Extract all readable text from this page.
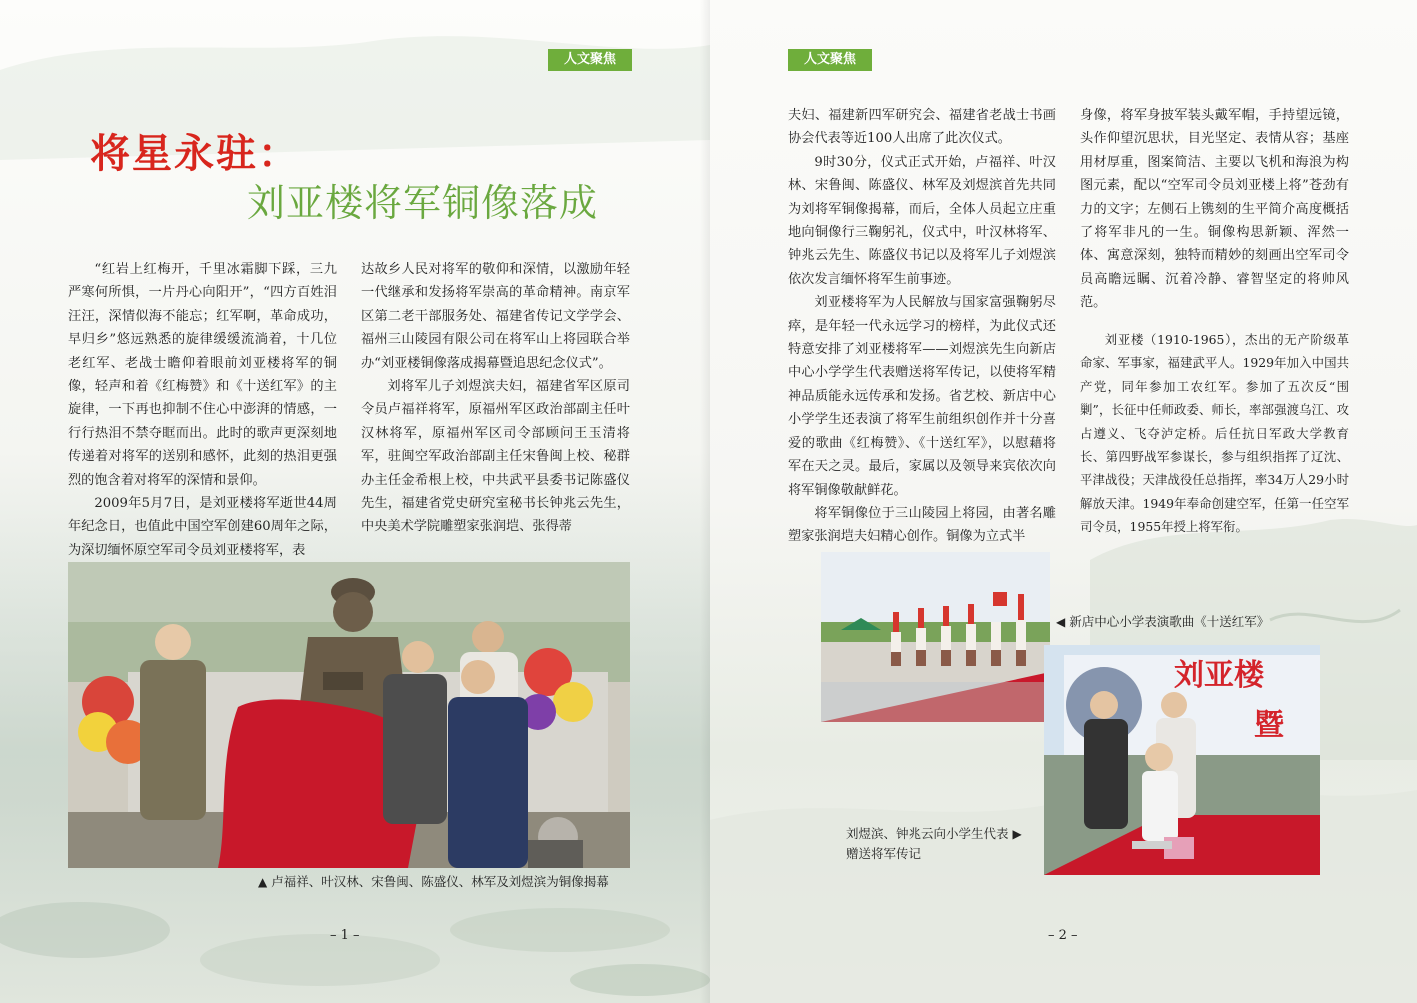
人文聚焦
将星永驻：
刘亚楼将军铜像落成

“红岩上红梅开，千里冰霜脚下踩，三九严寒何所惧，一片丹心向阳开”，“四方百姓泪汪汪，深情似海不能忘；红军啊，革命成功，早归乡”悠远熟悉的旋律缓缓流淌着，十几位老红军、老战士瞻仰着眼前刘亚楼将军的铜像，轻声和着《红梅赞》和《十送红军》的主旋律，一下再也抑制不住心中澎湃的情感，一行行热泪不禁夺眶而出。此时的歌声更深刻地传递着对将军的送别和感怀，此刻的热泪更强烈的饱含着对将军的深情和景仰。

2009年5月7日，是刘亚楼将军逝世44周年纪念日，也值此中国空军创建60周年之际，为深切缅怀原空军司令员刘亚楼将军，表

达故乡人民对将军的敬仰和深情，以激励年轻一代继承和发扬将军崇高的革命精神。南京军区第二老干部服务处、福建省传记文学学会、福州三山陵园有限公司在将军山上将园联合举办“刘亚楼铜像落成揭幕暨追思纪念仪式”。

刘将军儿子刘煜滨夫妇，福建省军区原司令员卢福祥将军，原福州军区政治部副主任叶汉林将军，原福州军区司令部顾问王玉清将军，驻闽空军政治部副主任宋鲁闽上校、秘群办主任金希根上校，中共武平县委书记陈盛仪先生，福建省党史研究室秘书长钟兆云先生，中央美术学院雕塑家张润垲、张得蒂

▲ 卢福祥、叶汉林、宋鲁闽、陈盛仪、林军及刘煜滨为铜像揭幕
– 1 –
人文聚焦

夫妇、福建新四军研究会、福建省老战士书画协会代表等近100人出席了此次仪式。

9时30分，仪式正式开始，卢福祥、叶汉林、宋鲁闽、陈盛仪、林军及刘煜滨首先共同为刘将军铜像揭幕，而后，全体人员起立庄重地向铜像行三鞠躬礼，仪式中，叶汉林将军、钟兆云先生、陈盛仪书记以及将军儿子刘煜滨依次发言缅怀将军生前事迹。

刘亚楼将军为人民解放与国家富强鞠躬尽瘁，是年轻一代永远学习的榜样，为此仪式还特意安排了刘亚楼将军——刘煜滨先生向新店中心小学学生代表赠送将军传记，以使将军精神品质能永远传承和发扬。省艺校、新店中心小学学生还表演了将军生前组织创作并十分喜爱的歌曲《红梅赞》、《十送红军》，以慰藉将军在天之灵。最后，家属以及领导来宾依次向将军铜像敬献鲜花。

将军铜像位于三山陵园上将园，由著名雕塑家张润垲夫妇精心创作。铜像为立式半

身像，将军身披军装头戴军帽，手持望远镜，头作仰望沉思状，目光坚定、表情从容；基座用材厚重，图案简洁、主要以飞机和海浪为构图元素，配以“空军司令员刘亚楼上将”苍劲有力的文字；左侧石上镌刻的生平简介高度概括了将军非凡的一生。铜像构思新颖、浑然一体、寓意深刻，独特而精妙的刻画出空军司令员高瞻远瞩、沉着冷静、睿智坚定的将帅风范。

刘亚楼（1910-1965），杰出的无产阶级革命家、军事家，福建武平人。1929年加入中国共产党，同年参加工农红军。参加了五次反“围剿”，长征中任师政委、师长，率部强渡乌江、攻占遵义、飞夺泸定桥。后任抗日军政大学教育长、第四野战军参谋长，参与组织指挥了辽沈、平津战役；天津战役任总指挥，率34万人29小时解放天津。1949年奉命创建空军，任第一任空军司令员，1955年授上将军衔。
◀ 新店中心小学表演歌曲《十送红军》
刘亚楼
暨
刘煜滨、钟兆云向小学生代表 ▶
赠送将军传记
– 2 –
